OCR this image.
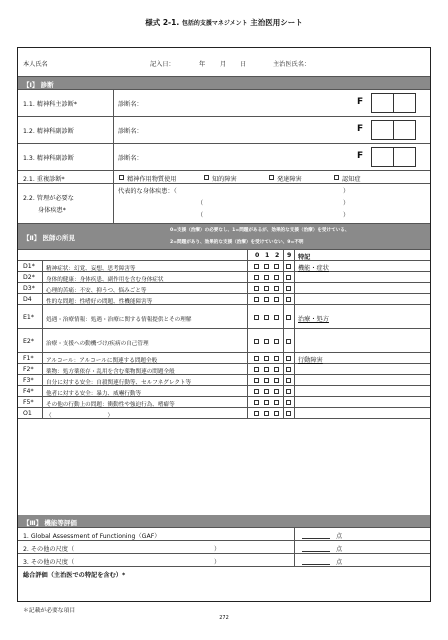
様式 2-1. 包括的支援マネジメント 主治医用シート
本人氏名	記入日：	年 月 日	主治医氏名：
【Ⅰ】 診断
1.1. 精神科主診断*	診断名：	F
1.2. 精神科副診断	診断名：	F
1.3. 精神科副診断	診断名：	F
2.1. 重複診断*	精神作用物質使用	知的障害	発達障害	認知症
2.2. 管理が必要な
身体疾患*
代表的な身体疾患：（	）
（	）
（	）
【Ⅱ】 医師の所見
0=支援（治療）の必要なし、1=問題があるが、効果的な支援（治療）を受けている、
2=問題があり、効果的な支援（治療）を受けていない、9=不明
0 1 2 9 特記
D1* 精神症状：幻覚、妄想、思考障害等	機能・症状
D2* 身体的健康：身体疾患、副作用を含む身体症状
D3* 心理的苦痛：不安、抑うつ、悩みごと等
D4	性的な問題：性嗜好の問題、性機能障害等
E1* 処遇・治療情報：処遇・治療に関する情報提供とその理解	治療・処方
E2* 治療・支援への動機づけ/疾病の自己管理
F1* アルコール：アルコールに関連する問題全般	行動障害
F2* 薬物：処方薬依存・乱用を含む薬物関連の問題全般
F3* 自分に対する安全：自殺関連行動等、セルフネグレクト等
F4* 他者に対する安全：暴力、威嚇行動等
F5* その他の行動上の問題：衝動性や強迫行為、嗜癖等
O1	（　　　　　　　　　　）
【Ⅲ】 機能等評価
1. Global Assessment of Functioning（GAF）	点
2. その他の尺度（	）	点
3. その他の尺度（	）	点
総合評価（主治医での特記を含む）*
＊記載が必要な項目
272
